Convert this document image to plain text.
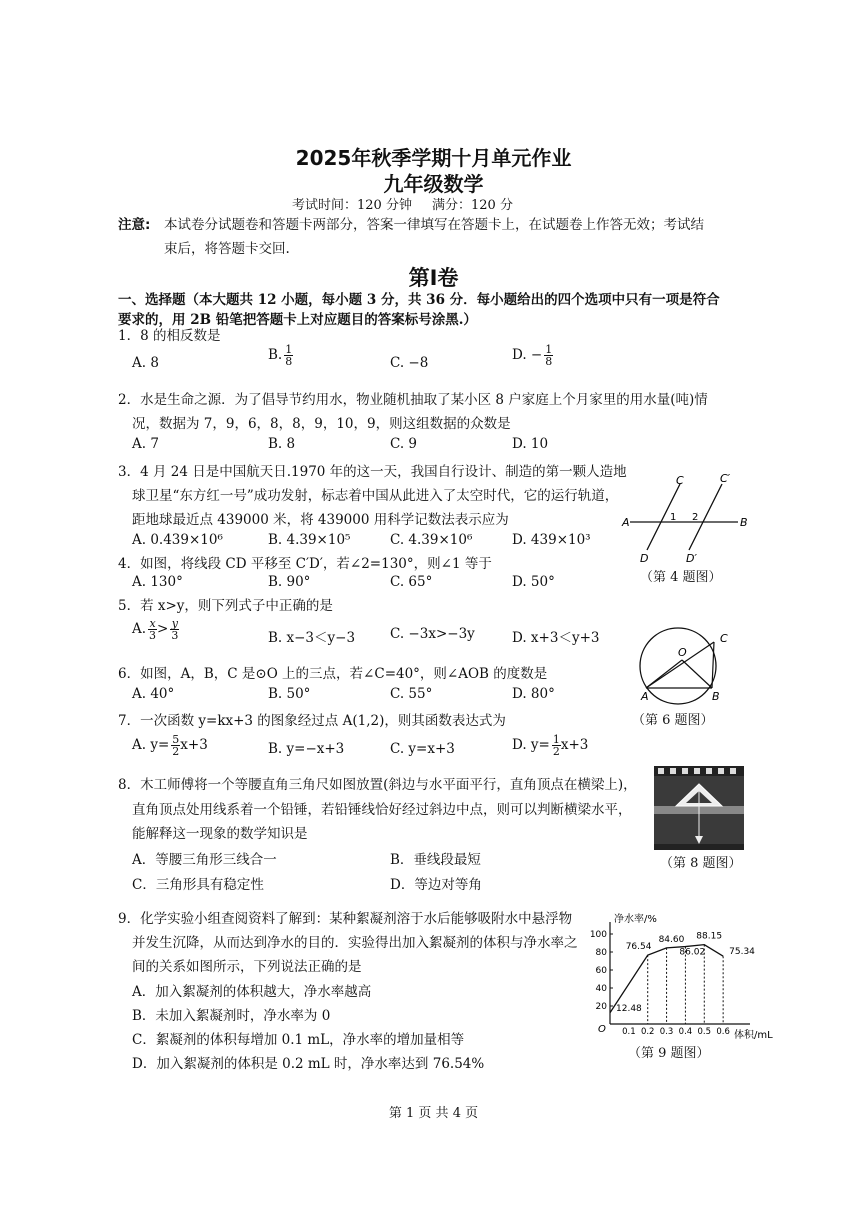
2025年秋季学期十月单元作业
九年级数学
考试时间：120 分钟 满分：120 分
注意: 本试卷分试题卷和答题卡两部分，答案一律填写在答题卡上，在试题卷上作答无效；考试结
束后，将答题卡交回.
第Ⅰ卷
一、选择题（本大题共 12 小题，每小题 3 分，共 36 分．每小题给出的四个选项中只有一项是符合
要求的，用 2B 铅笔把答题卡上对应题目的答案标号涂黑.）
1．8 的相反数是
A. 8	B. $\frac{1}{8}$	C. −8	D. − $\frac{1}{8}$
2．水是生命之源．为了倡导节约用水，物业随机抽取了某小区 8 户家庭上个月家里的用水量(吨)情
况，数据为 7，9，6，8，8，9，10，9，则这组数据的众数是
A. 7	B. 8	C. 9	D. 10
3．4 月 24 日是中国航天日.1970 年的这一天，我国自行设计、制造的第一颗人造地
球卫星“东方红一号”成功发射，标志着中国从此进入了太空时代，它的运行轨道，
距地球最近点 439000 米，将 439000 用科学记数法表示应为
A. 0.439×10⁶	B. 4.39×10⁵	C. 4.39×10⁶	D. 439×10³
4．如图，将线段 CD 平移至 C′D′，若∠2=130°，则∠1 等于
A. 130°	B. 90°	C. 65°	D. 50°
A	B
C	C′
D	D′
1 2
（第 4 题图）
5．若 x>y，则下列式子中正确的是
A. $\frac{x}{3} > \frac{y}{3}$	B. x−3＜y−3	C. −3x>−3y	D. x+3＜y+3
O
A	B
C
（第 6 题图）
6．如图，A，B，C 是⊙O 上的三点，若∠C=40°，则∠AOB 的度数是
A. 40°	B. 50°	C. 55°	D. 80°
7．一次函数 y=kx+3 的图象经过点 A(1,2)，则其函数表达式为
A. $y= \frac{5}{2} x+3$	B. y=−x+3	C. y=x+3	D. $y= \frac{1}{2} x+3$
8．木工师傅将一个等腰直角三角尺如图放置(斜边与水平面平行，直角顶点在横梁上)，
直角顶点处用线系着一个铅锤，若铅锤线恰好经过斜边中点，则可以判断横梁水平，
能解释这一现象的数学知识是
A．等腰三角形三线合一	B．垂线段最短
C．三角形具有稳定性	D．等边对等角
（第 8 题图）
9．化学实验小组查阅资料了解到：某种絮凝剂溶于水后能够吸附水中悬浮物
并发生沉降，从而达到净水的目的．实验得出加入絮凝剂的体积与净水率之
间的关系如图所示，下列说法正确的是
A．加入絮凝剂的体积越大，净水率越高
B．未加入絮凝剂时，净水率为 0
C．絮凝剂的体积每增加 0.1 mL，净水率的增加量相等
D．加入絮凝剂的体积是 0.2 mL 时，净水率达到 76.54%
净水率/%
体积/mL
O
20
40
60
80
100
0.1 0.2 0.3 0.4 0.5 0.6
12.48
76.54
84.60
86.02
88.15
75.34
（第 9 题图）
第 1 页 共 4 页
